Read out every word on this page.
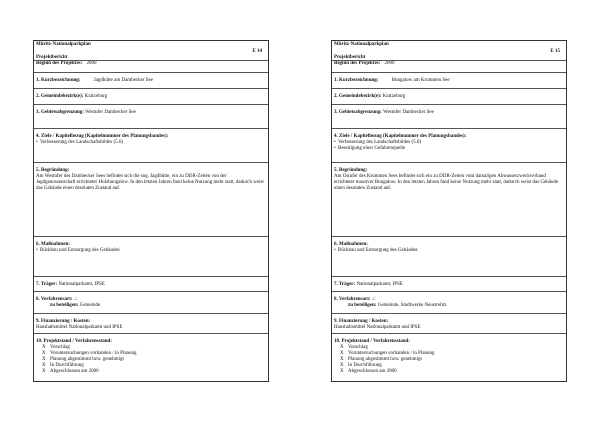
Müritz-Nationalparkplan
E 14
Projektbericht
Beginn des Projektes: 2000
1. Kurzbezeichnung:	Jagdhütte am Dambecker See
2. Gemeindebezirk(e): Kratzeburg
3. Gebietsabgrenzung: Westufer Dambecker See
4. Ziele / Kapitelbezug (Kapitelnummer des Planungsbandes):
• Verbesserung des Landschaftsbildes (5.6)
5. Begründung:
Am Westufer des Dambecker Sees befindet sich die sog. Jagdhütte, ein zu DDR-Zeiten von der Jagdgenossenschaft errichteter Holzbungalow. In den letzten Jahren fand keine Nutzung mehr statt, dadurch weist das Gebäude einen desolaten Zustand auf.
6. Maßnahmen:
• Rückbau und Entsorgung des Gebäudes
7. Träger: Nationalparkamt, IPSE
8. Verfahrensart: ./.
zu beteiligen: Gemeinde
9. Finanzierung / Kosten:
Haushaltsmittel Nationalparkamt und IPSE
10. Projektstand / Verfahrensstand:
X Vorschlag
X Voruntersuchungen vorhanden / in Planung
X Planung abgestimmt bzw. genehmigt
X In Durchführung
X Abgeschlossen am 2000
Müritz-Nationalparkplan
E 15
Projektbericht
Beginn des Projektes: 2000
1. Kurzbezeichnung:	Bungalow am Krummen See
2. Gemeindebezirk(e): Kratzeburg
3. Gebietsabgrenzung: Westufer Dambecker See
4. Ziele / Kapitelbezug (Kapitelnummer des Planungsbandes):
• Verbesserung des Landschaftsbildes (5.6)
• Beseitigung einer Gefahrenquelle
5. Begründung:
Am Ostufer des Krummen Sees befindet sich ein zu DDR-Zeiten vom damaligen Abwasserzweckverband errichteter massiver Bungalow. In den letzten Jahren fand keine Nutzung mehr statt, dadurch weist das Gebäude einen desolaten Zustand auf.
6. Maßnahmen:
• Rückbau und Entsorgung des Gebäudes
7. Träger: Nationalparkamt, IPSE
8. Verfahrensart: ./.
zu beteiligen: Gemeinde, Stadtwerke Neustrelitz
9. Finanzierung / Kosten:
Haushaltsmittel Nationalparkamt und IPSE
10. Projektstand / Verfahrensstand:
X Vorschlag
X Voruntersuchungen vorhanden / in Planung
X Planung abgestimmt bzw. genehmigt
X In Durchführung
X Abgeschlossen am 2000
